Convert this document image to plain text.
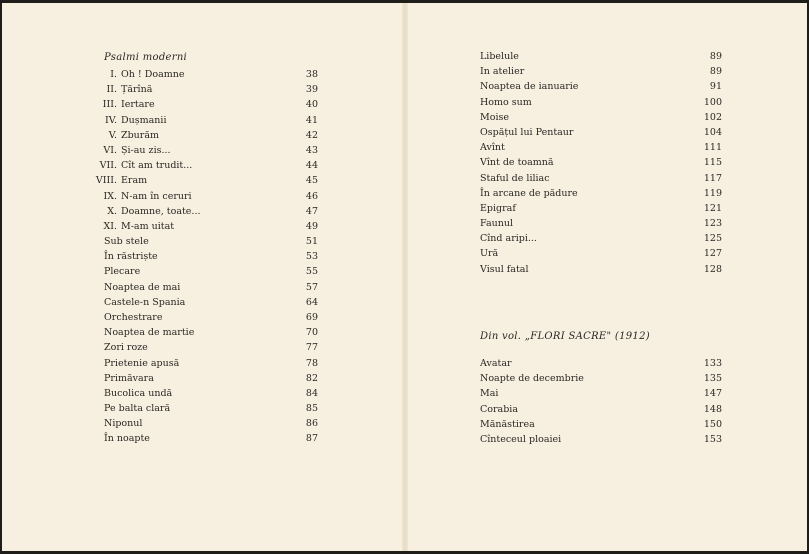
Psalmi moderni
I. Oh ! Doamne	38
II. Țărînă	39
III. Iertare	40
IV. Dușmanii	41
V. Zburăm	42
VI. Și-au zis...	43
VII. Cît am trudit...	44
VIII. Eram	45
IX. N-am în ceruri	46
X. Doamne, toate...	47
XI. M-am uitat	49
Sub stele	51
În răstriște	53
Plecare	55
Noaptea de mai	57
Castele-n Spania	64
Orchestrare	69
Noaptea de martie	70
Zori roze	77
Prietenie apusă	78
Primăvara	82
Bucolica undă	84
Pe balta clară	85
Niponul	86
În noapte	87
Libelule	89
In atelier	89
Noaptea de ianuarie	91
Homo sum	100
Moise	102
Ospățul lui Pentaur	104
Avînt	111
Vînt de toamnă	115
Staful de liliac	117
În arcane de pădure	119
Epigraf	121
Faunul	123
Cînd aripi...	125
Ură	127
Visul fatal	128
Din vol. „FLORI SACRE" (1912)
Avatar	133
Noapte de decembrie	135
Mai	147
Corabia	148
Mănăstirea	150
Cînteceul ploaiei	153
